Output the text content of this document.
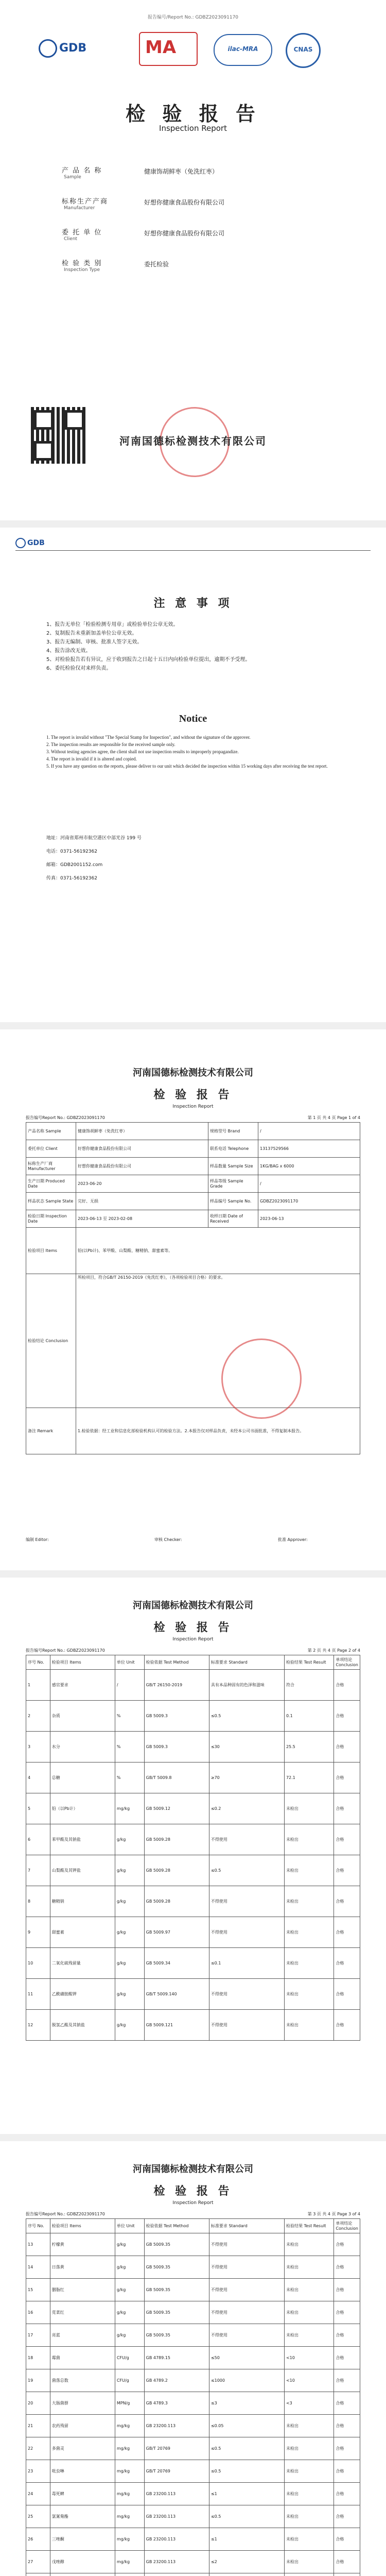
报告编号/Report No.: GDBZ2023091170
GDB	MA	ilac-MRA	CNAS
检 验 报 告
Inspection Report
产 品 名 称
Sample
健康饰胡鲜枣（免洗红枣）
标称生产产商
Manufacturer
好想你健康食品股份有限公司
委 托 单 位
Client
好想你健康食品股份有限公司
检 验 类 别
Inspection Type
委托检验
河南国德标检测技术有限公司
GDB
注 意 事 项
1、报告无单位「检验检测专用章」或检验单位公章无效。
2、复制报告未重新加盖单位公章无效。
3、报告无编制、审核、批准人签字无效。
4、报告涂改无效。
5、对检验报告若有异议，应于收到报告之日起十五日内向检验单位提出，逾期不予受理。
6、委托检验仅对来样负责。
Notice
1. The report is invalid without "The Special Stamp for Inspection", and without the signature of the approver.
2. The inspection results are responsible for the received sample only.
3. Without testing agencies agree, the client shall not use inspection results to improperly propagandize.
4. The report is invalid if it is altered and copied.
5. If you have any question on the reports, please deliver to our unit which decided the inspection within 15 working days after receiving the test report.
地址：河南省郑州市航空港区中部光谷 199 号
电话：0371-56192362
邮箱：GDB2001152.com
传真：0371-56192362
河南国德标检测技术有限公司
检 验 报 告
Inspection Report
报告编号Report No.: GDBZ2023091170	第 1 页 共 4 页 Page 1 of 4
产品名称 Sample	健康饰胡鲜枣（免洗红枣）	规格型号 Brand	/
委托单位 Client	好想你健康食品股份有限公司	联系电话 Telephone	13137529566
标称生产厂商 Manufacturer	好想你健康食品股份有限公司	样品数量 Sample Size	1KG/BAG x 6000
生产日期 Produced Date	2023-06-20	样品等级 Sample Grade	/
样品状态 Sample State	完好、无损	样品编号 Sample No.	GDBZ2023091170
检验日期 Inspection Date	2023-06-13 至 2023-02-08	收样日期 Date of Received	2023-06-13
检验项目 Items	铅(以Pb计)、苯甲酸、山梨酸、糖精钠、甜蜜素等。		
检验结论 Conclusion	所检项目，符合GB/T 26150-2019《免洗红枣》，（各项检验项目合格）的要求。		
备注 Remark	1.检验依据：经工业和信息化部检验机构认可的检验方法。2.本报告仅对样品负责，未经本公司书面批准，不得复制本报告。		
编制 Editor:	审核 Checker:	批准 Approver:
河南国德标检测技术有限公司
检 验 报 告
Inspection Report
报告编号Report No.: GDBZ2023091170	第 2 页 共 4 页 Page 2 of 4
序号 No.	检验项目 Items	单位 Unit	检验依据 Test Method	标准要求 Standard	检验结果 Test Result	单项结论 Conclusion
1	感官要求	/	GB/T 26150-2019	具有本品种固有的色泽和滋味	符合	合格
2	杂质	%	GB 5009.3	≤0.5	0.1	合格
3	水分	%	GB 5009.3	≤30	25.5	合格
4	总糖	%	GB/T 5009.8	≥70	72.1	合格
5	铅（以Pb计）	mg/kg	GB 5009.12	≤0.2	未检出	合格
6	苯甲酸及其钠盐	g/kg	GB 5009.28	不得使用	未检出	合格
7	山梨酸及其钾盐	g/kg	GB 5009.28	≤0.5	未检出	合格
8	糖精钠	g/kg	GB 5009.28	不得使用	未检出	合格
9	甜蜜素	g/kg	GB 5009.97	不得使用	未检出	合格
10	二氧化硫残留量	g/kg	GB 5009.34	≤0.1	未检出	合格
11	乙酰磺胺酸钾	g/kg	GB/T 5009.140	不得使用	未检出	合格
12	脱氢乙酸及其钠盐	g/kg	GB 5009.121	不得使用	未检出	合格
河南国德标检测技术有限公司
检 验 报 告
Inspection Report
报告编号Report No.: GDBZ2023091170	第 3 页 共 4 页 Page 3 of 4
序号 No.	检验项目 Items	单位 Unit	检验依据 Test Method	标准要求 Standard	检验结果 Test Result	单项结论 Conclusion
13	柠檬黄	g/kg	GB 5009.35	不得使用	未检出	合格
14	日落黄	g/kg	GB 5009.35	不得使用	未检出	合格
15	胭脂红	g/kg	GB 5009.35	不得使用	未检出	合格
16	苋菜红	g/kg	GB 5009.35	不得使用	未检出	合格
17	亮蓝	g/kg	GB 5009.35	不得使用	未检出	合格
18	霉菌	CFU/g	GB 4789.15	≤50	<10	合格
19	菌落总数	CFU/g	GB 4789.2	≤1000	<10	合格
20	大肠菌群	MPN/g	GB 4789.3	≤3	<3	合格
21	农药残留	mg/kg	GB 23200.113	≤0.05	未检出	合格
22	多菌灵	mg/kg	GB/T 20769	≤0.5	未检出	合格
23	吡虫啉	mg/kg	GB/T 20769	≤0.5	未检出	合格
24	毒死蜱	mg/kg	GB 23200.113	≤1	未检出	合格
25	氯氰菊酯	mg/kg	GB 23200.113	≤0.5	未检出	合格
26	三唑酮	mg/kg	GB 23200.113	≤1	未检出	合格
27	戊唑醇	mg/kg	GB 23200.113	≤2	未检出	合格
